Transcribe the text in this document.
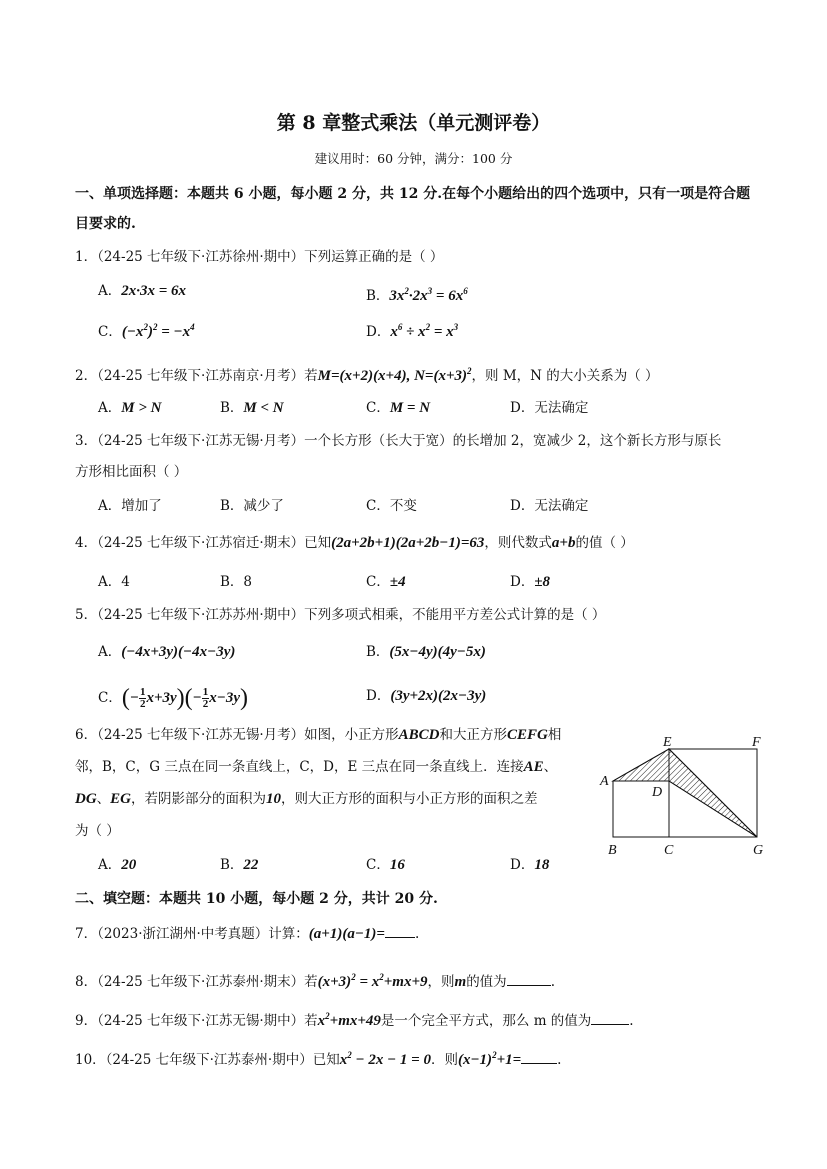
第 8 章整式乘法（单元测评卷）
建议用时：60 分钟，满分：100 分
一、单项选择题：本题共 6 小题，每小题 2 分，共 12 分.在每个小题给出的四个选项中，只有一项是符合题
目要求的.
1．（24-25 七年级下·江苏徐州·期中）下列运算正确的是（ ）
A．2x·3x = 6x	B．$3x^2\cdot 2x^3 = 6x^6$
C．$(-x^2)^2 = -x^4$	D．$x^6 \div x^2 = x^3$
2．（24-25 七年级下·江苏南京·月考）若M=(x+2)(x+4), $N=(x+3)^2$，则 M，N 的大小关系为（ ）
A．M > N	B．M < N	C．M = N	D．无法确定
3．（24-25 七年级下·江苏无锡·月考）一个长方形（长大于宽）的长增加 2，宽减少 2，这个新长方形与原长
方形相比面积（ ）
A．增加了	B．减少了	C．不变	D．无法确定
4．（24-25 七年级下·江苏宿迁·期末）已知(2a+2b+1)(2a+2b−1)=63，则代数式a+b的值（ ）
A．4	B．8	C．±4	D．±8
5．（24-25 七年级下·江苏苏州·期中）下列多项式相乘，不能用平方差公式计算的是（ ）
A．(−4x+3y)(−4x−3y)	B．(5x−4y)(4y−5x)
C．(− $\frac{1}{2} x+3y)(- \frac{1}{2} x-3y)$	D．(3y+2x)(2x−3y)
6．（24-25 七年级下·江苏无锡·月考）如图，小正方形ABCD和大正方形CEFG相
邻，B，C，G 三点在同一条直线上，C，D，E 三点在同一条直线上．连接AE、
DG、EG，若阴影部分的面积为10，则大正方形的面积与小正方形的面积之差
为（ ）
A．20	B．22	C．16	D．18
A
B	C
D
E	F
G
二、填空题：本题共 10 小题，每小题 2 分，共计 20 分.
7．（2023·浙江湖州·中考真题）计算：(a+1)(a−1)= .
8．（24-25 七年级下·江苏泰州·期末）若$(x+3)^2 = x^2+mx+9$，则m的值为	.
9．（24-25 七年级下·江苏无锡·期中）若$x^2+mx+49$是一个完全平方式，那么 m 的值为	.
10．（24-25 七年级下·江苏泰州·期中）已知$x^2 - 2x - 1 = 0$．则$(x-1)^2+1=$	.
